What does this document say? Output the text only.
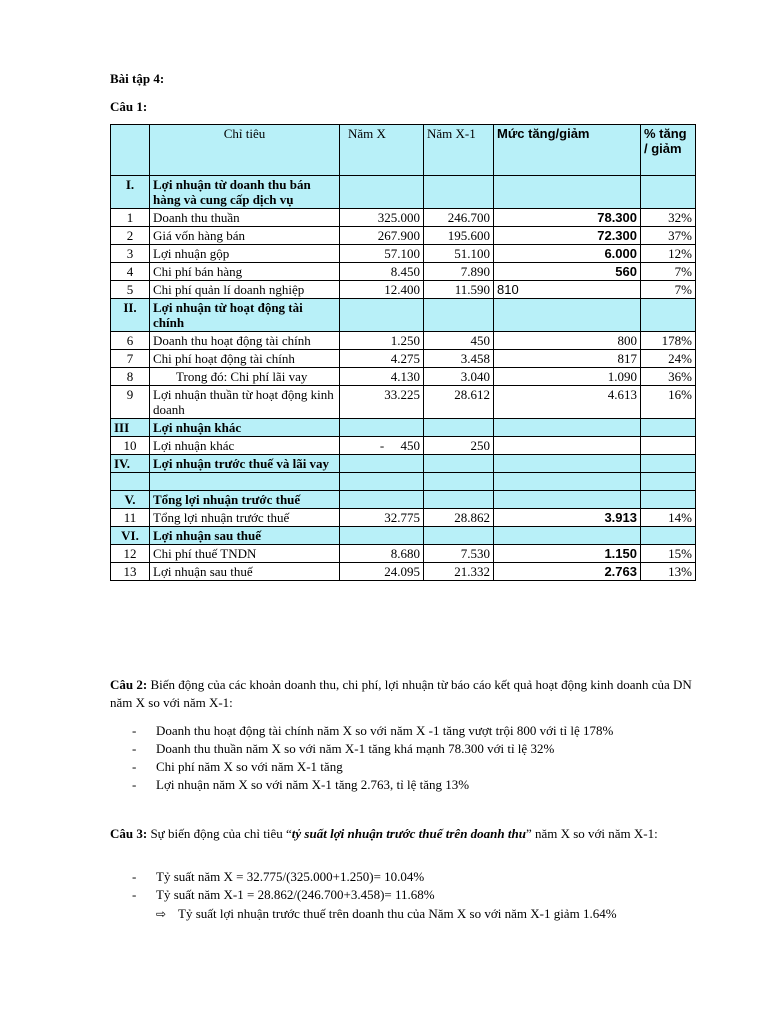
Bài tập 4:
Câu 1:
	Chỉ tiêu	Năm X	Năm X-1	Mức tăng/giảm	% tăng / giảm
I.	Lợi nhuận từ doanh thu bán hàng và cung cấp dịch vụ				
1	Doanh thu thuần	325.000	246.700	78.300	32%
2	Giá vốn hàng bán	267.900	195.600	72.300	37%
3	Lợi nhuận gộp	57.100	51.100	6.000	12%
4	Chi phí bán hàng	8.450	7.890	560	7%
5	Chi phí quản lí doanh nghiệp	12.400	11.590	810	7%
II.	Lợi nhuận từ hoạt động tài chính				
6	Doanh thu hoạt động tài chính	1.250	450	800	178%
7	Chi phí hoạt động tài chính	4.275	3.458	817	24%
8	Trong đó: Chi phí lãi vay	4.130	3.040	1.090	36%
9	Lợi nhuận thuần từ hoạt động kinh doanh	33.225	28.612	4.613	16%
III	Lợi nhuận khác				
10	Lợi nhuận khác	-     450	250		
IV.	Lợi nhuận trước thuế và lãi vay				

V.	Tổng lợi nhuận trước thuế				
11	Tổng lợi nhuận trước thuế	32.775	28.862	3.913	14%
VI.	Lợi nhuận sau thuế				
12	Chi phí thuế TNDN	8.680	7.530	1.150	15%
13	Lợi nhuận sau thuế	24.095	21.332	2.763	13%
Câu 2: Biến động của các khoản doanh thu, chi phí, lợi nhuận từ báo cáo kết quả hoạt động kinh doanh của DN năm X so với năm X-1:
- Doanh thu hoạt động tài chính năm X so với năm X -1 tăng vượt trội 800 với tỉ lệ 178%
- Doanh thu thuần năm X so với năm X-1 tăng khá mạnh 78.300 với tỉ lệ 32%
- Chi phí năm X so với năm X-1 tăng
- Lợi nhuận năm X so với năm X-1 tăng 2.763, tỉ lệ tăng 13%
Câu 3: Sự biến động của chỉ tiêu “tỷ suất lợi nhuận trước thuế trên doanh thu” năm X so với năm X-1:
- Tỷ suất năm X = 32.775/(325.000+1.250)= 10.04%
- Tỷ suất năm X-1 = 28.862/(246.700+3.458)= 11.68%
⇨ Tỷ suất lợi nhuận trước thuế trên doanh thu của Năm X so với năm X-1 giảm 1.64%
